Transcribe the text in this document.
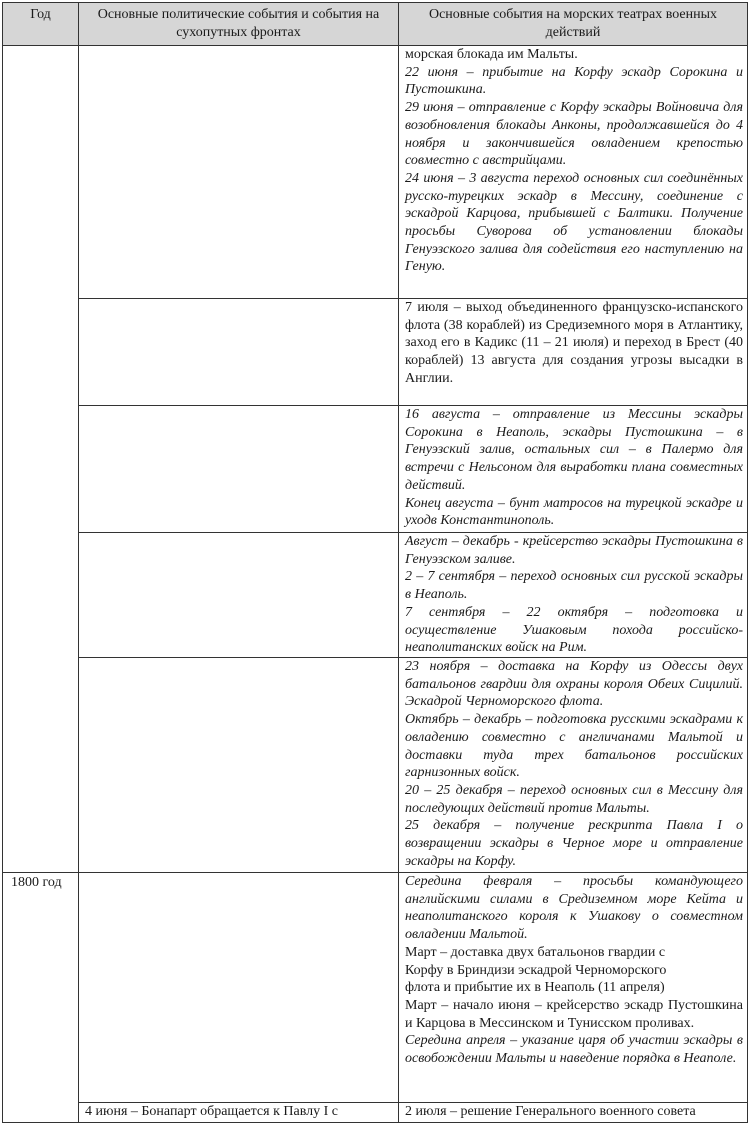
Год	Основные политические события и события на сухопутных фронтах	Основные события на морских театрах военных действий

		морская блокада им Мальты.

22 июня – прибытие на Корфу эскадр Сорокина и Пустошкина.

29 июня – отправление с Корфу эскадры Войновича для возобновления блокады Анконы, продолжавшейся до 4 ноября и закончившейся овладением крепостью совместно с австрийцами.

24 июня – 3 августа переход основных сил соединённых русско-турецких эскадр в Мессину, соединение с эскадрой Карцова, прибывшей с Балтики. Получение просьбы Суворова об установлении блокады Генуэзского залива для содействия его наступлению на Геную.

		7 июля – выход объединенного французско-испанского флота (38 кораблей) из Средиземного моря в Атлантику, заход его в Кадикс (11 – 21 июля) и переход в Брест (40 кораблей) 13 августа для создания угрозы высадки в Англии.

		16 августа – отправление из Мессины эскадры Сорокина в Неаполь, эскадры Пустошкина – в Генуэзский залив, остальных сил – в Палермо для встречи с Нельсоном для выработки плана совместных действий.

Конец августа – бунт матросов на турецкой эскадре и уходв Константинополь.

		Август – декабрь - крейсерство эскадры Пустошкина в Генуэзском заливе.

2 – 7 сентября – переход основных сил русской эскадры в Неаполь.

7 сентября – 22 октября – подготовка и осуществление Ушаковым похода российско-неаполитанских войск на Рим.

		23 ноября – доставка на Корфу из Одессы двух батальонов гвардии для охраны короля Обеих Сицилий. Эскадрой Черноморского флота.

Октябрь – декабрь – подготовка русскими эскадрами к овладению совместно с англичанами Мальтой и доставки туда трех батальонов российских гарнизонных войск.

20 – 25 декабря – переход основных сил в Мессину для последующих действий против Мальты.

25 декабря – получение рескрипта Павла I о возвращении эскадры в Черное море и отправление эскадры на Корфу.

1800 год		Середина февраля – просьбы командующего английскими силами в Средиземном море Кейта и неаполитанского короля к Ушакову о совместном овладении Мальтой.

Март – доставка двух батальонов гвардии с Корфу в Бриндизи эскадрой Черноморского флота и прибытие их в Неаполь (11 апреля)

Март – начало июня – крейсерство эскадр Пустошкина и Карцова в Мессинском и Тунисском проливах.

Середина апреля – указание царя об участии эскадры в освобождении Мальты и наведение порядка в Неаполе.

	4 июня – Бонапарт обращается к Павлу I с	2 июля – решение Генерального военного совета
